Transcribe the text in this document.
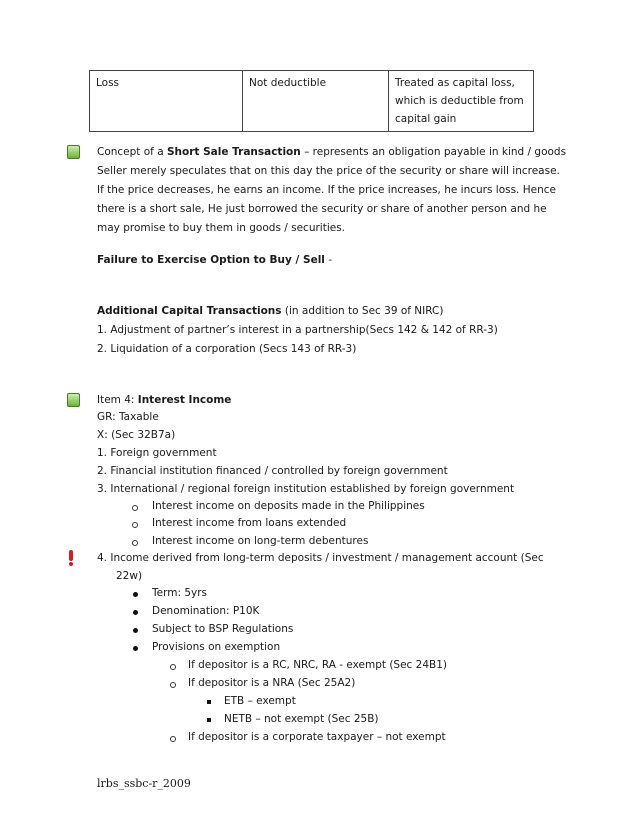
Loss	Not deductible	Treated as capital loss,
which is deductible from
capital gain
Concept of a Short Sale Transaction – represents an obligation payable in kind / goods
Seller merely speculates that on this day the price of the security or share will increase.
If the price decreases, he earns an income. If the price increases, he incurs loss. Hence
there is a short sale, He just borrowed the security or share of another person and he
may promise to buy them in goods / securities.
Failure to Exercise Option to Buy / Sell -
Additional Capital Transactions (in addition to Sec 39 of NIRC)
1. Adjustment of partner’s interest in a partnership(Secs 142 & 142 of RR-3)
2. Liquidation of a corporation (Secs 143 of RR-3)
Item 4: Interest Income
GR: Taxable
X: (Sec 32B7a)
1. Foreign government
2. Financial institution financed / controlled by foreign government
3. International / regional foreign institution established by foreign government
Interest income on deposits made in the Philippines
Interest income from loans extended
Interest income on long-term debentures
4. Income derived from long-term deposits / investment / management account (Sec
22w)
Term: 5yrs
Denomination: P10K
Subject to BSP Regulations
Provisions on exemption
If depositor is a RC, NRC, RA - exempt (Sec 24B1)
If depositor is a NRA (Sec 25A2)
ETB – exempt
NETB – not exempt (Sec 25B)
If depositor is a corporate taxpayer – not exempt
lrbs_ssbc-r_2009
